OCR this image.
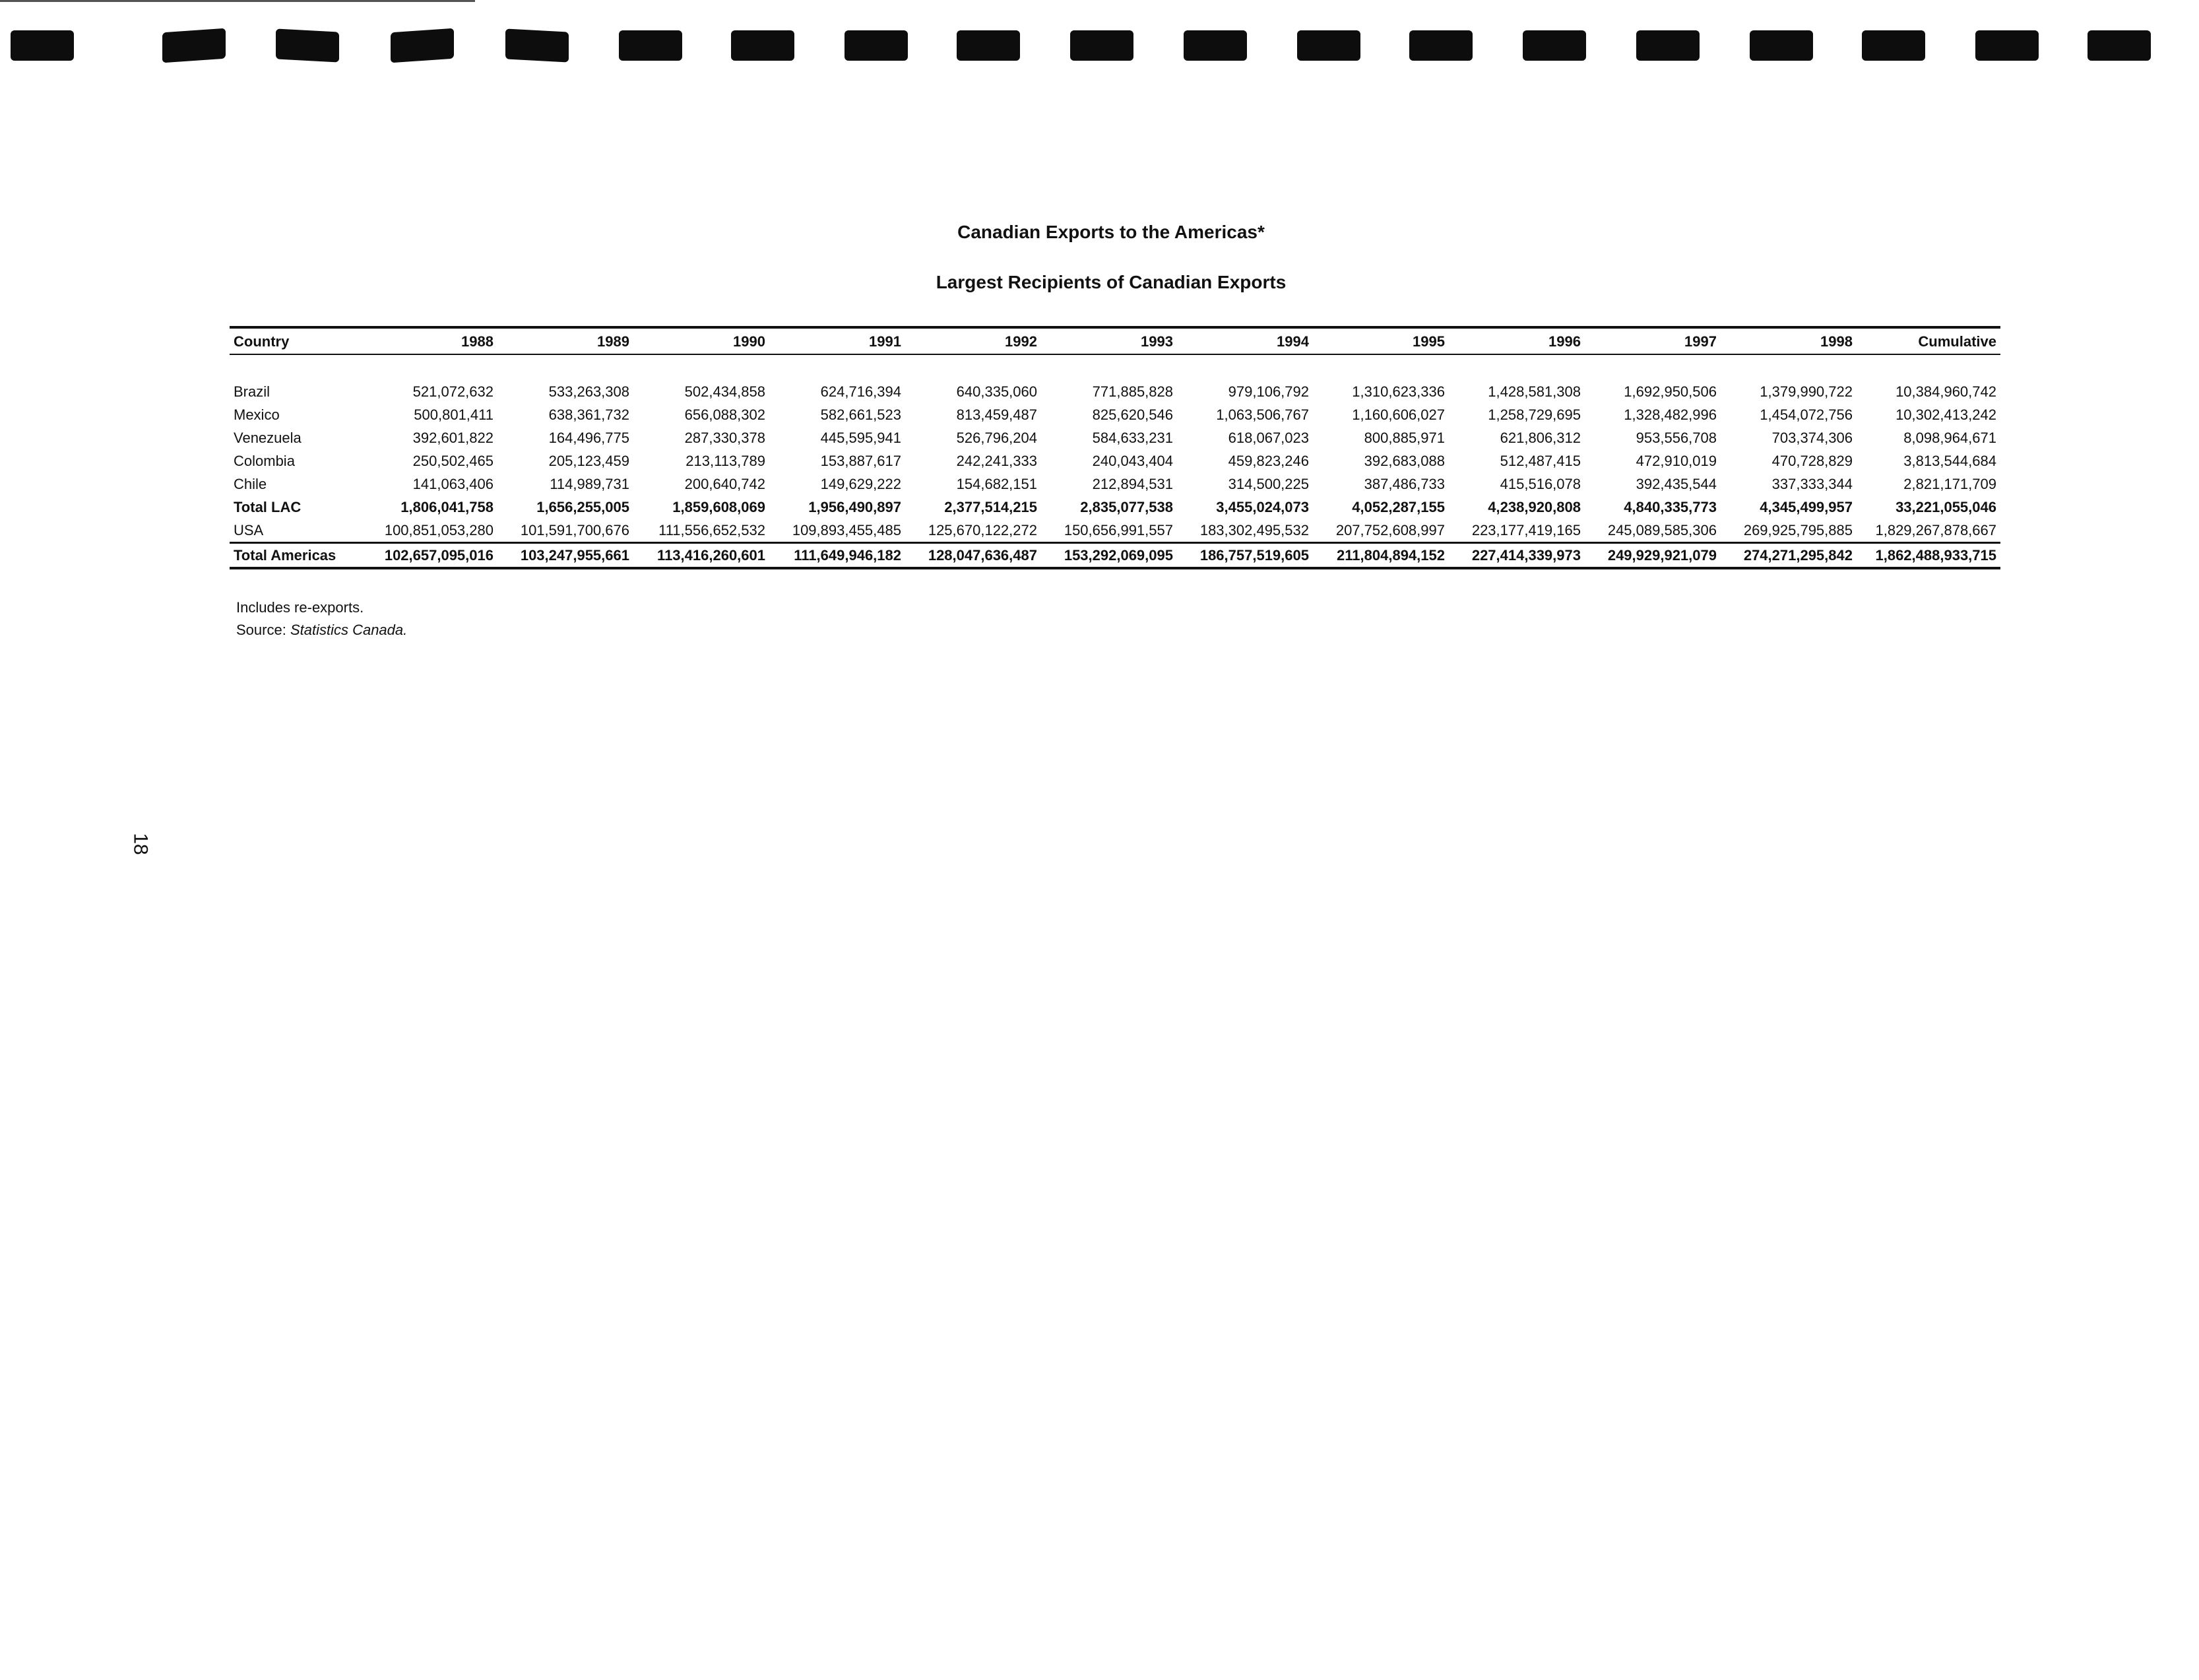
Canadian Exports to the Americas*
Largest Recipients of Canadian Exports
Country	1988	1989	1990	1991	1992	1993	1994	1995	1996	1997	1998	Cumulative

Brazil	521,072,632	533,263,308	502,434,858	624,716,394	640,335,060	771,885,828	979,106,792	1,310,623,336	1,428,581,308	1,692,950,506	1,379,990,722	10,384,960,742
Mexico	500,801,411	638,361,732	656,088,302	582,661,523	813,459,487	825,620,546	1,063,506,767	1,160,606,027	1,258,729,695	1,328,482,996	1,454,072,756	10,302,413,242
Venezuela	392,601,822	164,496,775	287,330,378	445,595,941	526,796,204	584,633,231	618,067,023	800,885,971	621,806,312	953,556,708	703,374,306	8,098,964,671
Colombia	250,502,465	205,123,459	213,113,789	153,887,617	242,241,333	240,043,404	459,823,246	392,683,088	512,487,415	472,910,019	470,728,829	3,813,544,684
Chile	141,063,406	114,989,731	200,640,742	149,629,222	154,682,151	212,894,531	314,500,225	387,486,733	415,516,078	392,435,544	337,333,344	2,821,171,709
Total LAC	1,806,041,758	1,656,255,005	1,859,608,069	1,956,490,897	2,377,514,215	2,835,077,538	3,455,024,073	4,052,287,155	4,238,920,808	4,840,335,773	4,345,499,957	33,221,055,046
USA	100,851,053,280	101,591,700,676	111,556,652,532	109,893,455,485	125,670,122,272	150,656,991,557	183,302,495,532	207,752,608,997	223,177,419,165	245,089,585,306	269,925,795,885	1,829,267,878,667
Total Americas	102,657,095,016	103,247,955,661	113,416,260,601	111,649,946,182	128,047,636,487	153,292,069,095	186,757,519,605	211,804,894,152	227,414,339,973	249,929,921,079	274,271,295,842	1,862,488,933,715
Includes re-exports.
Source: Statistics Canada.
18
